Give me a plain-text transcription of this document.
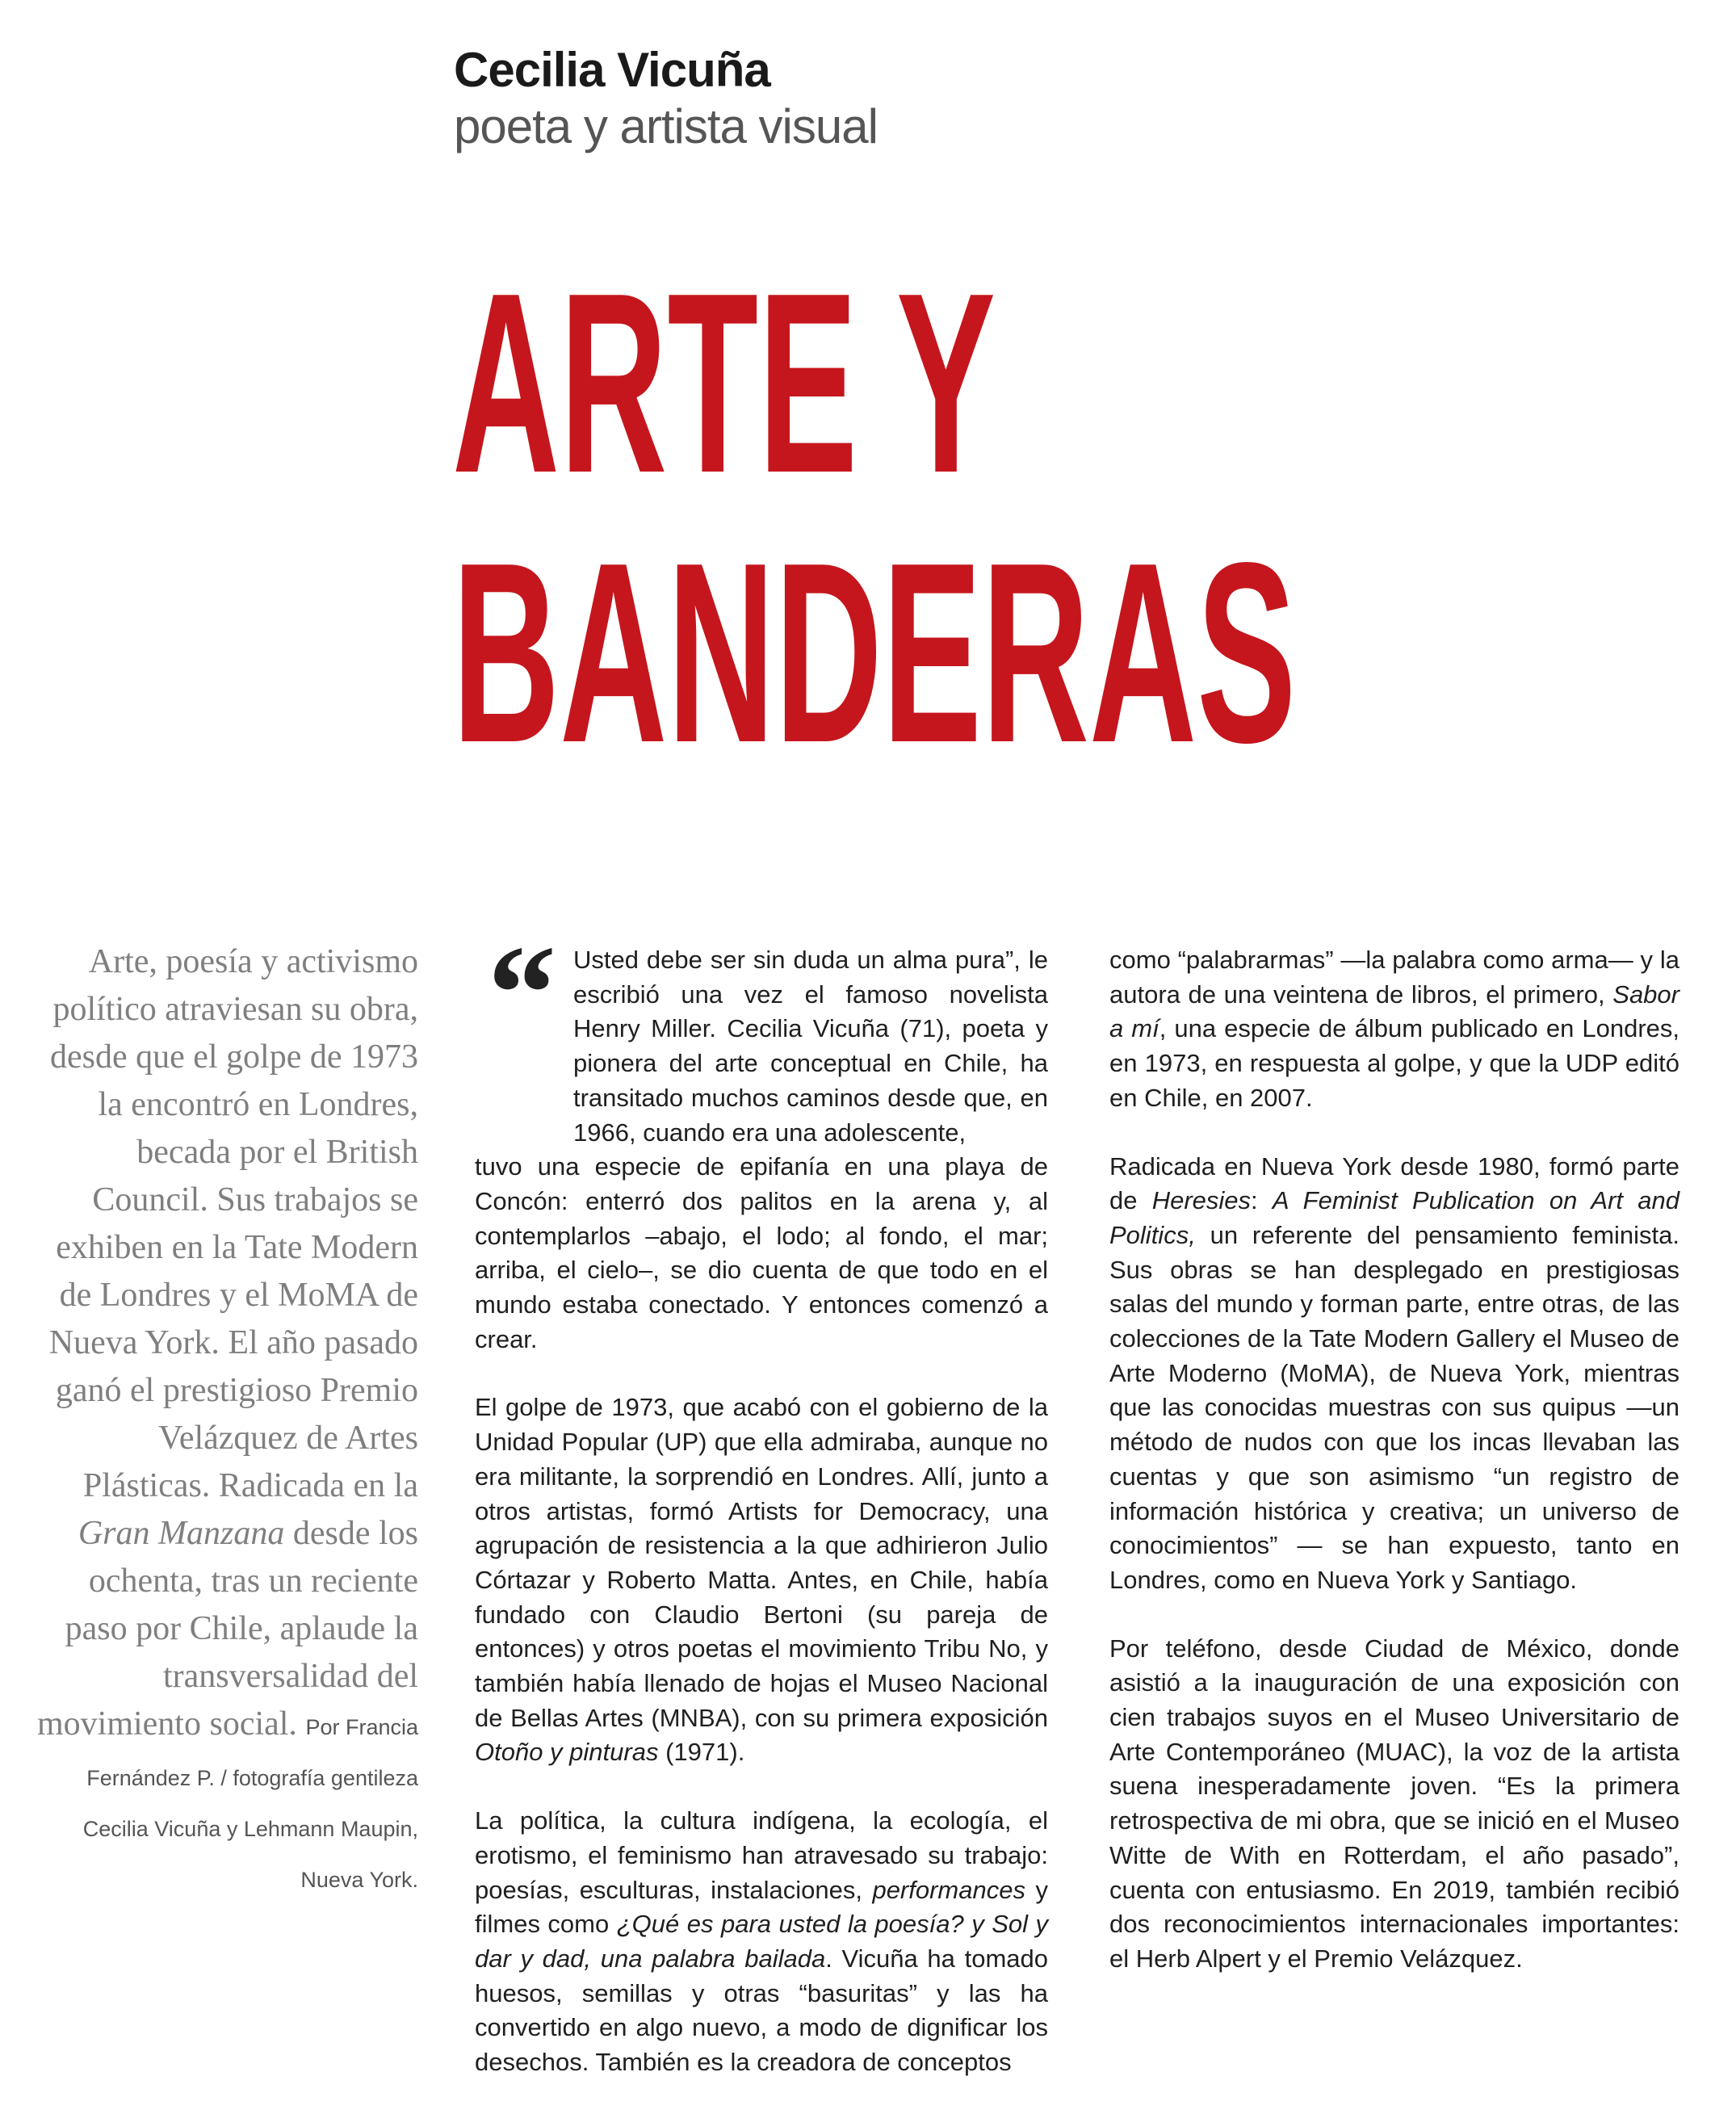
Cecilia Vicuña
poeta y artista visual
ARTE Y
BANDERAS
Arte, poesía y activismo político atraviesan su obra, desde que el golpe de 1973 la encontró en Londres, becada por el British Council. Sus trabajos se exhiben en la Tate Modern de Londres y el MoMA de Nueva York. El año pasado ganó el prestigioso Premio Velázquez de Artes Plásticas. Radicada en la Gran Manzana desde los ochenta, tras un reciente paso por Chile, aplaude la transversalidad del movimiento social. Por Francia Fernández P. / fotografía gentileza Cecilia Vicuña y Lehmann Maupin, Nueva York.
“ Usted debe ser sin duda un alma pura”, le escribió una vez el famoso novelista Henry Miller. Cecilia Vicuña (71), poeta y pionera del arte conceptual en Chile, ha transitado muchos caminos desde que, en 1966, cuando era una adolescente,
tuvo una especie de epifanía en una playa de Concón: enterró dos palitos en la arena y, al contemplarlos –abajo, el lodo; al fondo, el mar; arriba, el cielo–, se dio cuenta de que todo en el mundo estaba conectado. Y entonces comenzó a crear.

El golpe de 1973, que acabó con el gobierno de la Unidad Popular (UP) que ella admiraba, aunque no era militante, la sorprendió en Londres. Allí, junto a otros artistas, formó Artists for Democracy, una agrupación de resistencia a la que adhirieron Julio Córtazar y Roberto Matta. Antes, en Chile, había fundado con Claudio Bertoni (su pareja de entonces) y otros poetas el movimiento Tribu No, y también había llenado de hojas el Museo Nacional de Bellas Artes (MNBA), con su primera exposición Otoño y pinturas (1971).

La política, la cultura indígena, la ecología, el erotismo, el feminismo han atravesado su trabajo: poesías, esculturas, instalaciones, performances y filmes como ¿Qué es para usted la poesía? y Sol y dar y dad, una palabra bailada. Vicuña ha tomado huesos, semillas y otras “basuritas” y las ha convertido en algo nuevo, a modo de dignificar los desechos. También es la creadora de conceptos

como “palabrarmas” —la palabra como arma— y la autora de una veintena de libros, el primero, Sabor a mí, una especie de álbum publicado en Londres, en 1973, en respuesta al golpe, y que la UDP editó en Chile, en 2007.

Radicada en Nueva York desde 1980, formó parte de Heresies: A Feminist Publication on Art and Politics, un referente del pensamiento feminista. Sus obras se han desplegado en prestigiosas salas del mundo y forman parte, entre otras, de las colecciones de la Tate Modern Gallery el Museo de Arte Moderno (MoMA), de Nueva York, mientras que las conocidas muestras con sus quipus —un método de nudos con que los incas llevaban las cuentas y que son asimismo “un registro de información histórica y creativa; un universo de conocimientos” — se han expuesto, tanto en Londres, como en Nueva York y Santiago.

Por teléfono, desde Ciudad de México, donde asistió a la inauguración de una exposición con cien trabajos suyos en el Museo Universitario de Arte Contemporáneo (MUAC), la voz de la artista suena inesperadamente joven. “Es la primera retrospectiva de mi obra, que se inició en el Museo Witte de With en Rotterdam, el año pasado”, cuenta con entusiasmo. En 2019, también recibió dos reconocimientos internacionales importantes: el Herb Alpert y el Premio Velázquez.
